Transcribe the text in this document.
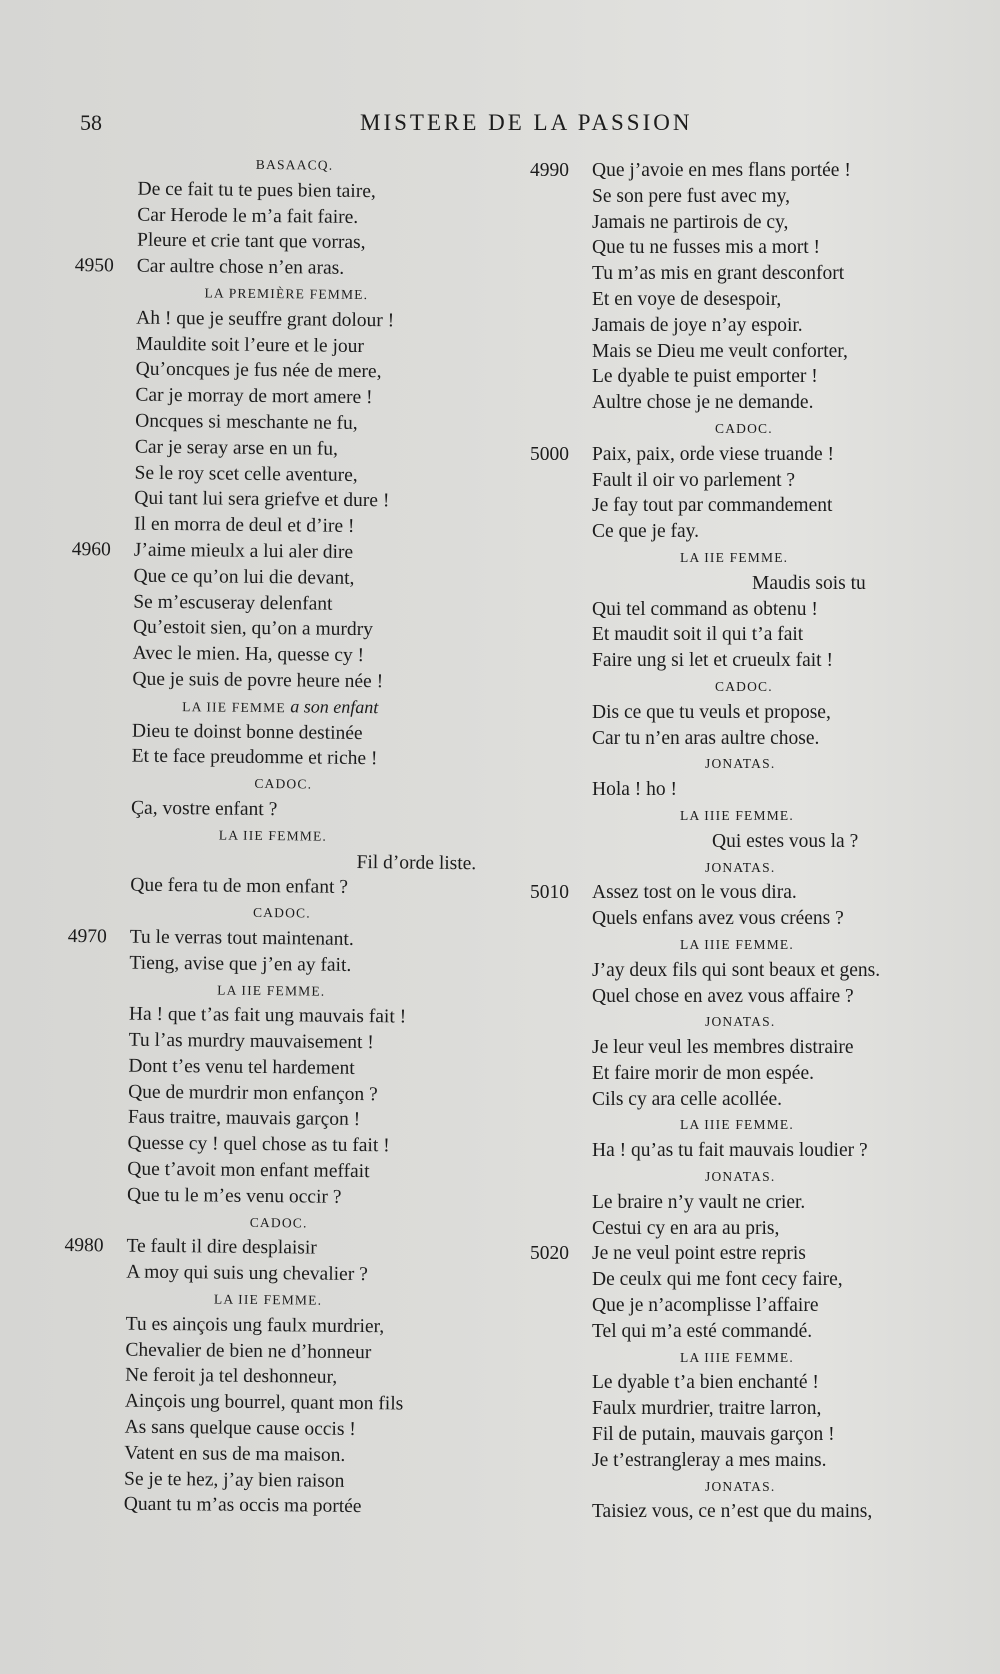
58	MISTERE DE LA PASSION
BASAACQ.
De ce fait tu te pues bien taire,
Car Herode le m’a fait faire.
Pleure et crie tant que vorras,
4950	Car aultre chose n’en aras.
LA PREMIÈRE FEMME.
Ah ! que je seuffre grant dolour !
Mauldite soit l’eure et le jour
Qu’oncques je fus née de mere,
Car je morray de mort amere !
Oncques si meschante ne fu,
Car je seray arse en un fu,
Se le roy scet celle aventure,
Qui tant lui sera griefve et dure !
Il en morra de deul et d’ire !
4960	J’aime mieulx a lui aler dire
Que ce qu’on lui die devant,
Se m’escuseray delenfant
Qu’estoit sien, qu’on a murdry
Avec le mien. Ha, quesse cy !
Que je suis de povre heure née !
LA IIE FEMME a son enfant
Dieu te doinst bonne destinée
Et te face preudomme et riche !
CADOC.
Ça, vostre enfant ?
LA IIE FEMME.
Fil d’orde liste.
Que fera tu de mon enfant ?
CADOC.
4970	Tu le verras tout maintenant.
Tieng, avise que j’en ay fait.
LA IIE FEMME.
Ha ! que t’as fait ung mauvais fait !
Tu l’as murdry mauvaisement !
Dont t’es venu tel hardement
Que de murdrir mon enfançon ?
Faus traitre, mauvais garçon !
Quesse cy ! quel chose as tu fait !
Que t’avoit mon enfant meffait
Que tu le m’es venu occir ?
CADOC.
4980	Te fault il dire desplaisir
A moy qui suis ung chevalier ?
LA IIE FEMME.
Tu es ainçois ung faulx murdrier,
Chevalier de bien ne d’honneur
Ne feroit ja tel deshonneur,
Ainçois ung bourrel, quant mon fils
As sans quelque cause occis !
Vatent en sus de ma maison.
Se je te hez, j’ay bien raison
Quant tu m’as occis ma portée
4990	Que j’avoie en mes flans portée !
Se son pere fust avec my,
Jamais ne partirois de cy,
Que tu ne fusses mis a mort !
Tu m’as mis en grant desconfort
Et en voye de desespoir,
Jamais de joye n’ay espoir.
Mais se Dieu me veult conforter,
Le dyable te puist emporter !
Aultre chose je ne demande.
CADOC.
5000	Paix, paix, orde viese truande !
Fault il oir vo parlement ?
Je fay tout par commandement
Ce que je fay.
LA IIE FEMME.
Maudis sois tu
Qui tel command as obtenu !
Et maudit soit il qui t’a fait
Faire ung si let et crueulx fait !
CADOC.
Dis ce que tu veuls et propose,
Car tu n’en aras aultre chose.
JONATAS.
Hola ! ho !
LA IIIE FEMME.
Qui estes vous la ?
JONATAS.
5010	Assez tost on le vous dira.
Quels enfans avez vous créens ?
LA IIIE FEMME.
J’ay deux fils qui sont beaux et gens.
Quel chose en avez vous affaire ?
JONATAS.
Je leur veul les membres distraire
Et faire morir de mon espée.
Cils cy ara celle acollée.
LA IIIE FEMME.
Ha ! qu’as tu fait mauvais loudier ?
JONATAS.
Le braire n’y vault ne crier.
Cestui cy en ara au pris,
5020	Je ne veul point estre repris
De ceulx qui me font cecy faire,
Que je n’acomplisse l’affaire
Tel qui m’a esté commandé.
LA IIIE FEMME.
Le dyable t’a bien enchanté !
Faulx murdrier, traitre larron,
Fil de putain, mauvais garçon !
Je t’estrangleray a mes mains.
JONATAS.
Taisiez vous, ce n’est que du mains,
